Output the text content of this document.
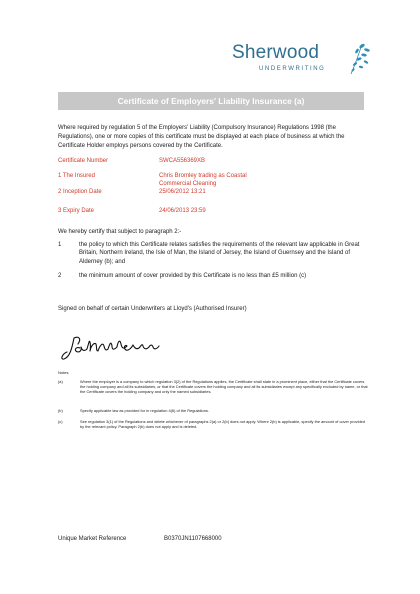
Sherwood
UNDERWRITING
Certificate of Employers' Liability Insurance (a)
Where required by regulation 5 of the Employers' Liability (Compulsory Insurance) Regulations 1998 (the Regulations), one or more copies of this certificate must be displayed at each place of business at which the Certificate Holder employs persons covered by the Certificate.
Certificate Number	SWCA556369XB
1 The Insured	Chris Bromley trading as Coastal Commercial Cleaning
2 Inception Date	25/06/2012 13:21
3 Expiry Date	24/06/2013 23:59
We hereby certify that subject to paragraph 2:-
1	the policy to which this Certificate relates satisfies the requirements of the relevant law applicable in Great Britain, Northern Ireland, the Isle of Man, the Island of Jersey, the Island of Guernsey and the Island of Alderney (b); and
2	the minimum amount of cover provided by this Certificate is no less than £5 million (c)
Signed on behalf of certain Underwriters at Lloyd's (Authorised Insurer)
Notes
(a)	Where the employer is a company to which regulation 3(2) of the Regulations applies, the Certificate shall state in a prominent place, either that the Certificate covers the holding company and all its subsidiaries, or that the Certificate covers the holding company and all its subsidiaries except any specifically excluded by name, or that the Certificate covers the holding company and only the named subsidiaries.
(b)	Specify applicable law as provided for in regulation 4(6) of the Regulations.
(c)	See regulation 3(1) of the Regulations and delete whichever of paragraphs 2(a) or 2(b) does not apply. Where 2(b) is applicable, specify the amount of cover provided by the relevant policy. Paragraph 2(b) does not apply and is deleted.
Unique Market Reference	B0370JN1107668000
